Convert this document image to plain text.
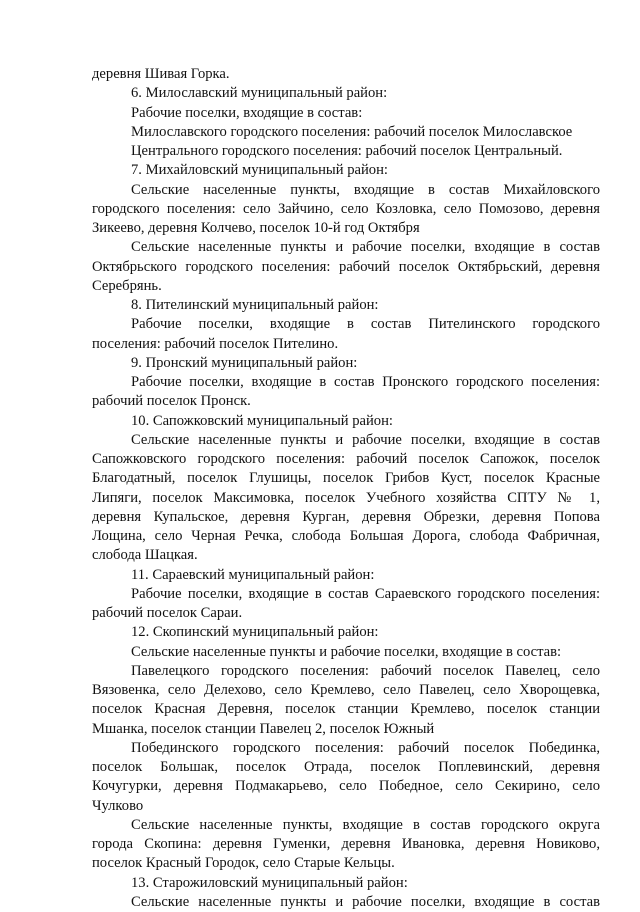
деревня Шивая Горка.
6. Милославский муниципальный район:
Рабочие поселки, входящие в состав:
Милославского городского поселения: рабочий поселок Милославское
Центрального городского поселения: рабочий поселок Центральный.
7. Михайловский муниципальный район:
Сельские населенные пункты, входящие в состав Михайловского
городского поселения: село Зайчино, село Козловка, село Помозово, деревня
Зикеево, деревня Колчево, поселок 10-й год Октября
Сельские населенные пункты и рабочие поселки, входящие в состав
Октябрьского городского поселения: рабочий поселок Октябрьский, деревня
Серебрянь.
8. Пителинский муниципальный район:
Рабочие поселки, входящие в состав Пителинского городского
поселения: рабочий поселок Пителино.
9. Пронский муниципальный район:
Рабочие поселки, входящие в состав Пронского городского поселения:
рабочий поселок Пронск.
10. Сапожковский муниципальный район:
Сельские населенные пункты и рабочие поселки, входящие в состав
Сапожковского городского поселения: рабочий поселок Сапожок, поселок
Благодатный, поселок Глушицы, поселок Грибов Куст, поселок Красные
Липяги, поселок Максимовка, поселок Учебного хозяйства СПТУ № 1,
деревня Купальское, деревня Курган, деревня Обрезки, деревня Попова
Лощина, село Черная Речка, слобода Большая Дорога, слобода Фабричная,
слобода Шацкая.
11. Сараевский муниципальный район:
Рабочие поселки, входящие в состав Сараевского городского поселения:
рабочий поселок Сараи.
12. Скопинский муниципальный район:
Сельские населенные пункты и рабочие поселки, входящие в состав:
Павелецкого городского поселения: рабочий поселок Павелец, село
Вязовенка, село Делехово, село Кремлево, село Павелец, село Хворощевка,
поселок Красная Деревня, поселок станции Кремлево, поселок станции
Мшанка, поселок станции Павелец 2, поселок Южный
Побединского городского поселения: рабочий поселок Побединка,
поселок Большак, поселок Отрада, поселок Поплевинский, деревня
Кочугурки, деревня Подмакарьево, село Победное, село Секирино, село
Чулково
Сельские населенные пункты, входящие в состав городского округа
города Скопина: деревня Гуменки, деревня Ивановка, деревня Новиково,
поселок Красный Городок, село Старые Кельцы.
13. Старожиловский муниципальный район:
Сельские населенные пункты и рабочие поселки, входящие в состав
